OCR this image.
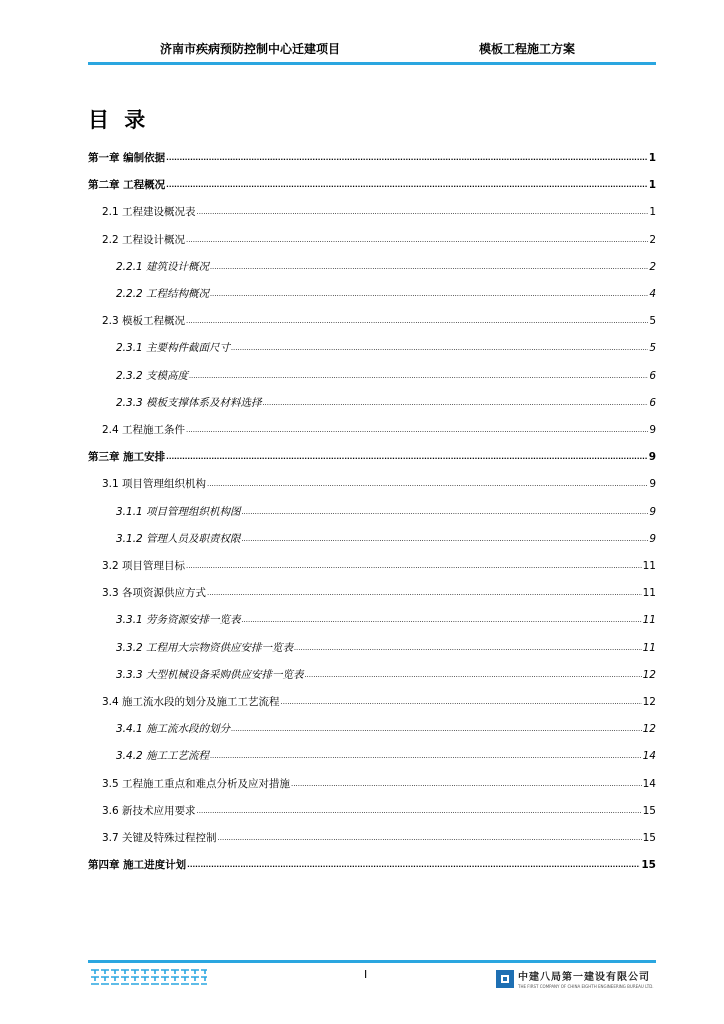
济南市疾病预防控制中心迁建项目	模板工程施工方案
目 录
第一章 编制依据 .....	1
第二章 工程概况 .....	1
2.1 工程建设概况表 .....	1
2.2 工程设计概况 .....	2
2.2.1 建筑设计概况 .....	2
2.2.2 工程结构概况 .....	4
2.3 模板工程概况 .....	5
2.3.1 主要构件截面尺寸 .....	5
2.3.2 支模高度 .....	6
2.3.3 模板支撑体系及材料选择 .....	6
2.4 工程施工条件 .....	9
第三章 施工安排 .....	9
3.1 项目管理组织机构 .....	9
3.1.1 项目管理组织机构图 .....	9
3.1.2 管理人员及职责权限 .....	9
3.2 项目管理目标 .....	11
3.3 各项资源供应方式 .....	11
3.3.1 劳务资源安排一览表 .....	11
3.3.2 工程用大宗物资供应安排一览表 .....	11
3.3.3 大型机械设备采购供应安排一览表 .....	12
3.4 施工流水段的划分及施工工艺流程 .....	12
3.4.1 施工流水段的划分 .....	12
3.4.2 施工工艺流程 .....	14
3.5 工程施工重点和难点分析及应对措施 .....	14
3.6 新技术应用要求 .....	15
3.7 关键及特殊过程控制 .....	15
第四章 施工进度计划 .....	15
I	中建八局第一建设有限公司
THE FIRST COMPANY OF CHINA EIGHTH ENGINEERING BUREAU LTD.
